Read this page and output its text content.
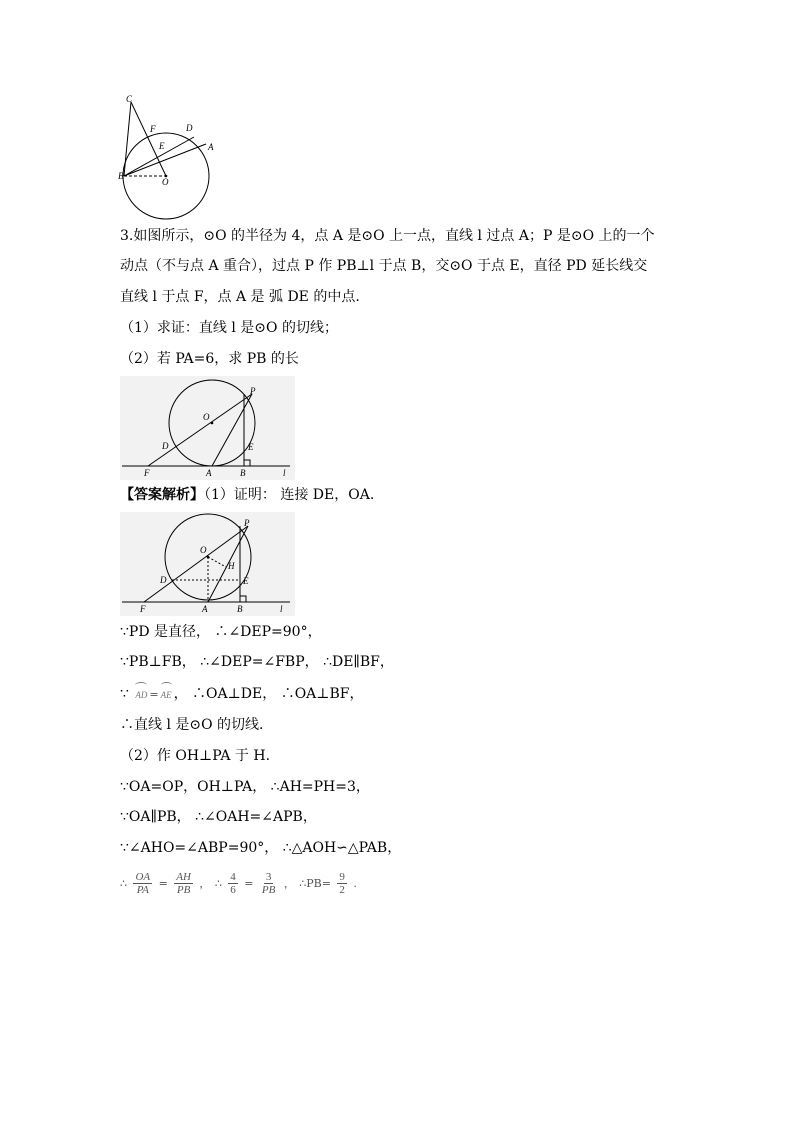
C
F	D
E	A
B
O
3.如图所示，⊙O 的半径为 4，点 A 是⊙O 上一点，直线 l 过点 A；P 是⊙O 上的一个
动点（不与点 A 重合），过点 P 作 PB⊥l 于点 B，交⊙O 于点 E，直径 PD 延长线交
直线 l 于点 F，点 A 是 弧 DE 的中点.
（1）求证：直线 l 是⊙O 的切线；
（2）若 PA=6，求 PB 的长
O
P
D	E
F	A	B	l
【答案解析】（1）证明： 连接 DE，OA.
O
P
H
D	E
F	A	B	l
∵PD 是直径， ∴∠DEP=90°，
∵PB⊥FB， ∴∠DEP=∠FBP， ∴DE∥BF，
∵ AD = AE ， ∴OA⊥DE， ∴OA⊥BF，
∴直线 l 是⊙O 的切线.
（2）作 OH⊥PA 于 H.
∵OA=OP，OH⊥PA， ∴AH=PH=3，
∵OA∥PB， ∴∠OAH=∠APB，
∵∠AHO=∠ABP=90°， ∴△AOH∽△PAB，
∴ $\frac{OA}{PA} = \frac{AH}{PB}$ ， ∴ $\frac{4}{6} = \frac{3}{PB}$ ， ∴PB= $\frac{9}{2}$ .
